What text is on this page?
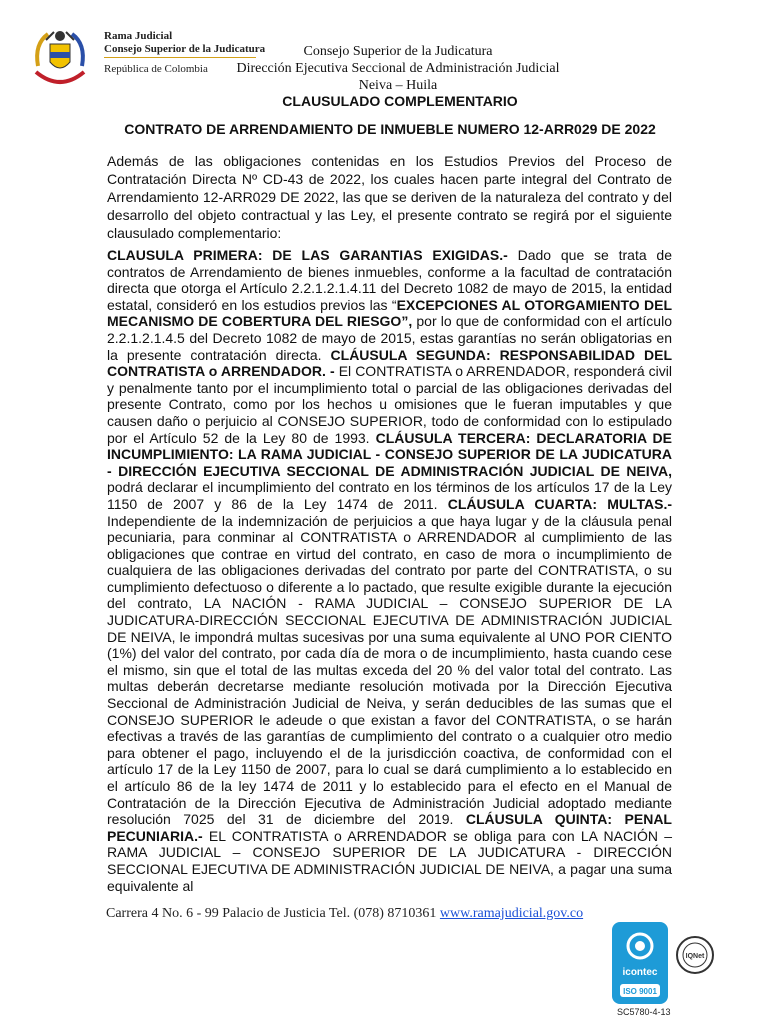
Rama Judicial
Consejo Superior de la Judicatura
República de Colombia
Consejo Superior de la Judicatura
Dirección Ejecutiva Seccional de Administración Judicial
Neiva – Huila
CLAUSULADO COMPLEMENTARIO
CONTRATO DE ARRENDAMIENTO DE INMUEBLE NUMERO 12-ARR029 DE 2022
Además de las obligaciones contenidas en los Estudios Previos del Proceso de Contratación Directa Nº CD-43 de 2022, los cuales hacen parte integral del Contrato de Arrendamiento 12-ARR029 DE 2022, las que se deriven de la naturaleza del contrato y del desarrollo del objeto contractual y las Ley, el presente contrato se regirá por el siguiente clausulado complementario:
CLAUSULA PRIMERA: DE LAS GARANTIAS EXIGIDAS.- Dado que se trata de contratos de Arrendamiento de bienes inmuebles, conforme a la facultad de contratación directa que otorga el Artículo 2.2.1.2.1.4.11 del Decreto 1082 de mayo de 2015, la entidad estatal, consideró en los estudios previos las “EXCEPCIONES AL OTORGAMIENTO DEL MECANISMO DE COBERTURA DEL RIESGO”, por lo que de conformidad con el artículo 2.2.1.2.1.4.5 del Decreto 1082 de mayo de 2015, estas garantías no serán obligatorias en la presente contratación directa. CLÁUSULA SEGUNDA: RESPONSABILIDAD DEL CONTRATISTA o ARRENDADOR. - El CONTRATISTA o ARRENDADOR, responderá civil y penalmente tanto por el incumplimiento total o parcial de las obligaciones derivadas del presente Contrato, como por los hechos u omisiones que le fueran imputables y que causen daño o perjuicio al CONSEJO SUPERIOR, todo de conformidad con lo estipulado por el Artículo 52 de la Ley 80 de 1993. CLÁUSULA TERCERA: DECLARATORIA DE INCUMPLIMIENTO: LA RAMA JUDICIAL - CONSEJO SUPERIOR DE LA JUDICATURA - DIRECCIÓN EJECUTIVA SECCIONAL DE ADMINISTRACIÓN JUDICIAL DE NEIVA, podrá declarar el incumplimiento del contrato en los términos de los artículos 17 de la Ley 1150 de 2007 y 86 de la Ley 1474 de 2011. CLÁUSULA CUARTA: MULTAS.- Independiente de la indemnización de perjuicios a que haya lugar y de la cláusula penal pecuniaria, para conminar al CONTRATISTA o ARRENDADOR al cumplimiento de las obligaciones que contrae en virtud del contrato, en caso de mora o incumplimiento de cualquiera de las obligaciones derivadas del contrato por parte del CONTRATISTA, o su cumplimiento defectuoso o diferente a lo pactado, que resulte exigible durante la ejecución del contrato, LA NACIÓN - RAMA JUDICIAL – CONSEJO SUPERIOR DE LA JUDICATURA-DIRECCIÓN SECCIONAL EJECUTIVA DE ADMINISTRACIÓN JUDICIAL DE NEIVA, le impondrá multas sucesivas por una suma equivalente al UNO POR CIENTO (1%) del valor del contrato, por cada día de mora o de incumplimiento, hasta cuando cese el mismo, sin que el total de las multas exceda del 20 % del valor total del contrato. Las multas deberán decretarse mediante resolución motivada por la Dirección Ejecutiva Seccional de Administración Judicial de Neiva, y serán deducibles de las sumas que el CONSEJO SUPERIOR le adeude o que existan a favor del CONTRATISTA, o se harán efectivas a través de las garantías de cumplimiento del contrato o a cualquier otro medio para obtener el pago, incluyendo el de la jurisdicción coactiva, de conformidad con el artículo 17 de la Ley 1150 de 2007, para lo cual se dará cumplimiento a lo establecido en el artículo 86 de la ley 1474 de 2011 y lo establecido para el efecto en el Manual de Contratación de la Dirección Ejecutiva de Administración Judicial adoptado mediante resolución 7025 del 31 de diciembre del 2019. CLÁUSULA QUINTA: PENAL PECUNIARIA.- EL CONTRATISTA o ARRENDADOR se obliga para con LA NACIÓN – RAMA JUDICIAL – CONSEJO SUPERIOR DE LA JUDICATURA - DIRECCIÓN SECCIONAL EJECUTIVA DE ADMINISTRACIÓN JUDICIAL DE NEIVA, a pagar una suma equivalente al
Carrera 4 No. 6 - 99 Palacio de Justicia Tel. (078) 8710361 www.ramajudicial.gov.co
icontec
ISO 9001
IQNet
SC5780-4-13
